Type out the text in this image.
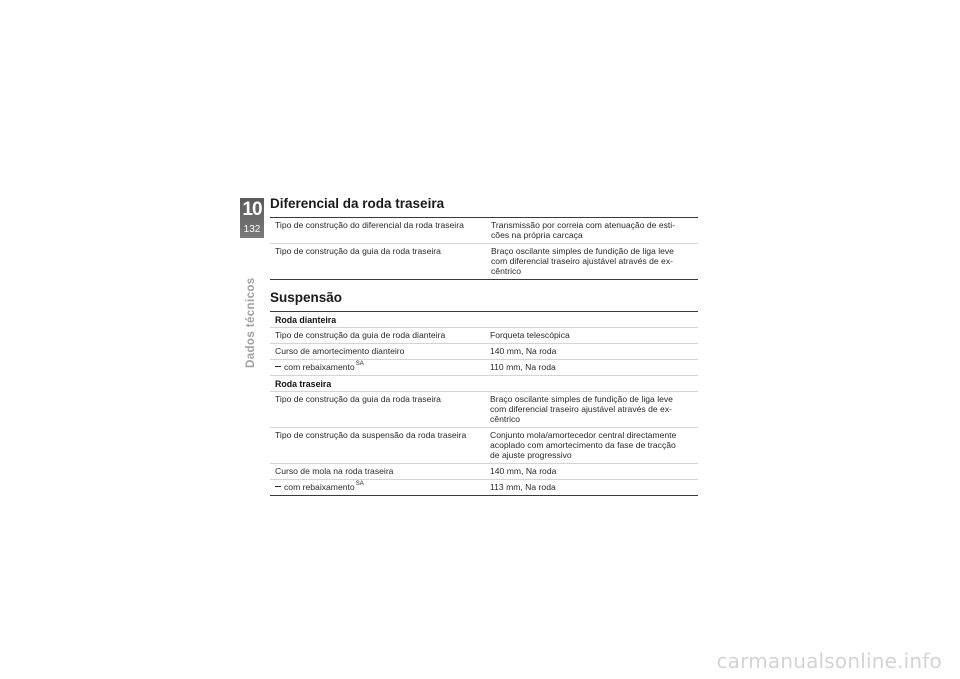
10
132
Dados técnicos
Diferencial da roda traseira
Tipo de construção do diferencial da roda traseira	Transmissão por correia com atenuação de esti-
cões na própria carcaça
Tipo de construção da guia da roda traseira	Braço oscilante simples de fundição de liga leve
com diferencial traseiro ajustável através de ex-
cêntrico
Suspensão
Roda dianteira	
Tipo de construção da guia de roda dianteira	Forqueta telescópica
Curso de amortecimento dianteiro	140 mm, Na roda
com rebaixamento$^{SA}$	110 mm, Na roda
Roda traseira	
Tipo de construção da guia da roda traseira	Braço oscilante simples de fundição de liga leve
com diferencial traseiro ajustável através de ex-
cêntrico
Tipo de construção da suspensão da roda traseira	Conjunto mola/amortecedor central directamente
acoplado com amortecimento da fase de tracção
de ajuste progressivo
Curso de mola na roda traseira	140 mm, Na roda
com rebaixamento$^{SA}$	113 mm, Na roda
carmanualsonline.info
